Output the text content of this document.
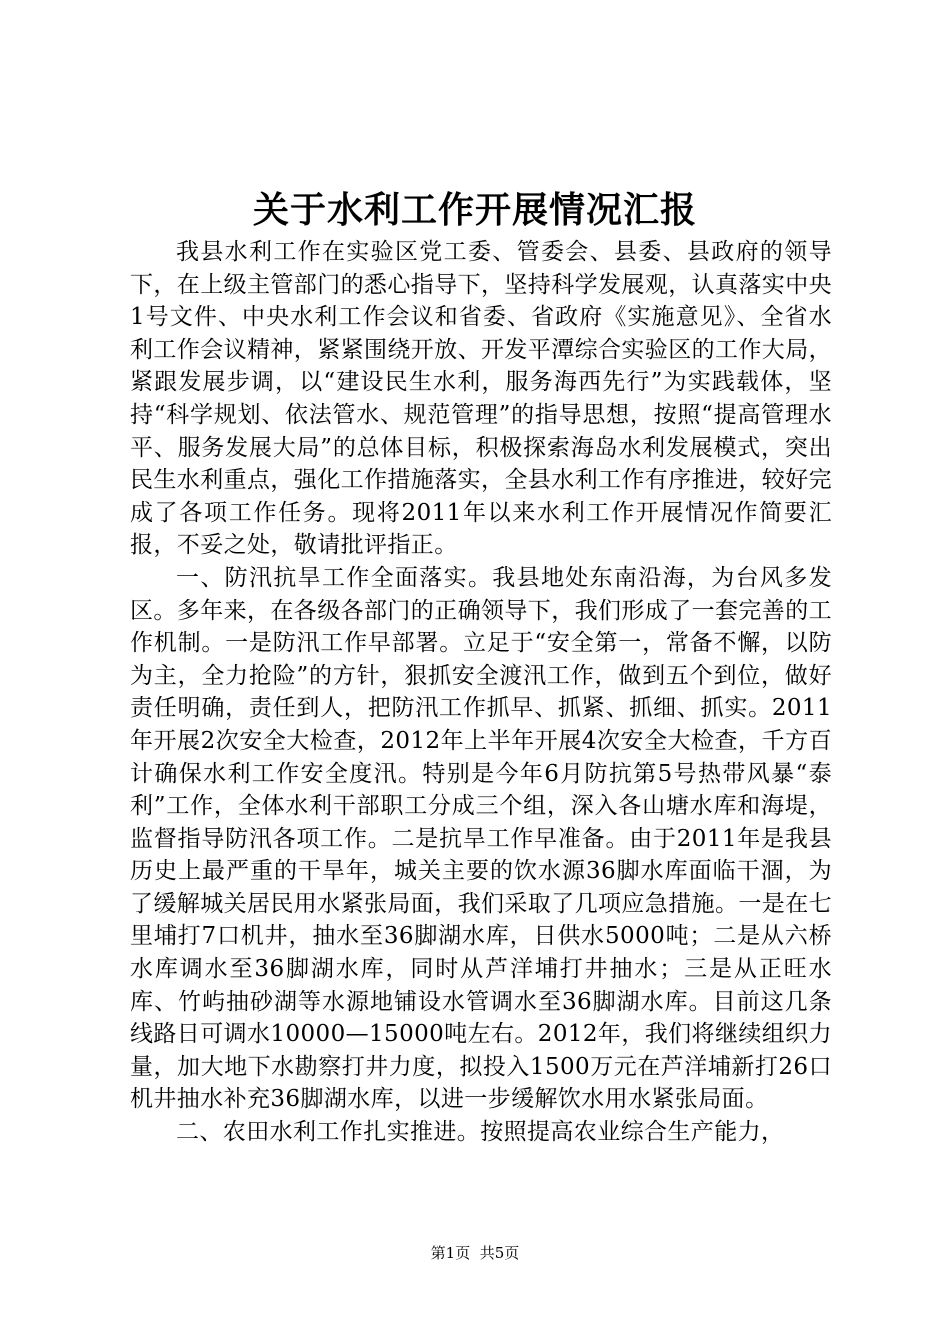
关于水利工作开展情况汇报

我县水利工作在实验区党工委、管委会、县委、县政府的领导下，在上级主管部门的悉心指导下，坚持科学发展观，认真落实中央1号文件、中央水利工作会议和省委、省政府《实施意见》、全省水利工作会议精神，紧紧围绕开放、开发平潭综合实验区的工作大局，紧跟发展步调，以“建设民生水利，服务海西先行”为实践载体，坚持“科学规划、依法管水、规范管理”的指导思想，按照“提高管理水平、服务发展大局”的总体目标，积极探索海岛水利发展模式，突出民生水利重点，强化工作措施落实，全县水利工作有序推进，较好完成了各项工作任务。现将2011年以来水利工作开展情况作简要汇报，不妥之处，敬请批评指正。

一、防汛抗旱工作全面落实。我县地处东南沿海，为台风多发区。多年来，在各级各部门的正确领导下，我们形成了一套完善的工作机制。一是防汛工作早部署。立足于“安全第一，常备不懈，以防为主，全力抢险”的方针，狠抓安全渡汛工作，做到五个到位，做好责任明确，责任到人，把防汛工作抓早、抓紧、抓细、抓实。2011年开展2次安全大检查，2012年上半年开展4次安全大检查，千方百计确保水利工作安全度汛。特别是今年6月防抗第5号热带风暴“泰利”工作，全体水利干部职工分成三个组，深入各山塘水库和海堤，监督指导防汛各项工作。二是抗旱工作早准备。由于2011年是我县历史上最严重的干旱年，城关主要的饮水源36脚水库面临干涸，为了缓解城关居民用水紧张局面，我们采取了几项应急措施。一是在七里埔打7口机井，抽水至36脚湖水库，日供水5000吨；二是从六桥水库调水至36脚湖水库，同时从芦洋埔打井抽水；三是从正旺水库、竹屿抽砂湖等水源地铺设水管调水至36脚湖水库。目前这几条线路日可调水10000—15000吨左右。2012年，我们将继续组织力量，加大地下水勘察打井力度，拟投入1500万元在芦洋埔新打26口机井抽水补充36脚湖水库，以进一步缓解饮水用水紧张局面。

二、农田水利工作扎实推进。按照提高农业综合生产能力，

第1页 共5页
